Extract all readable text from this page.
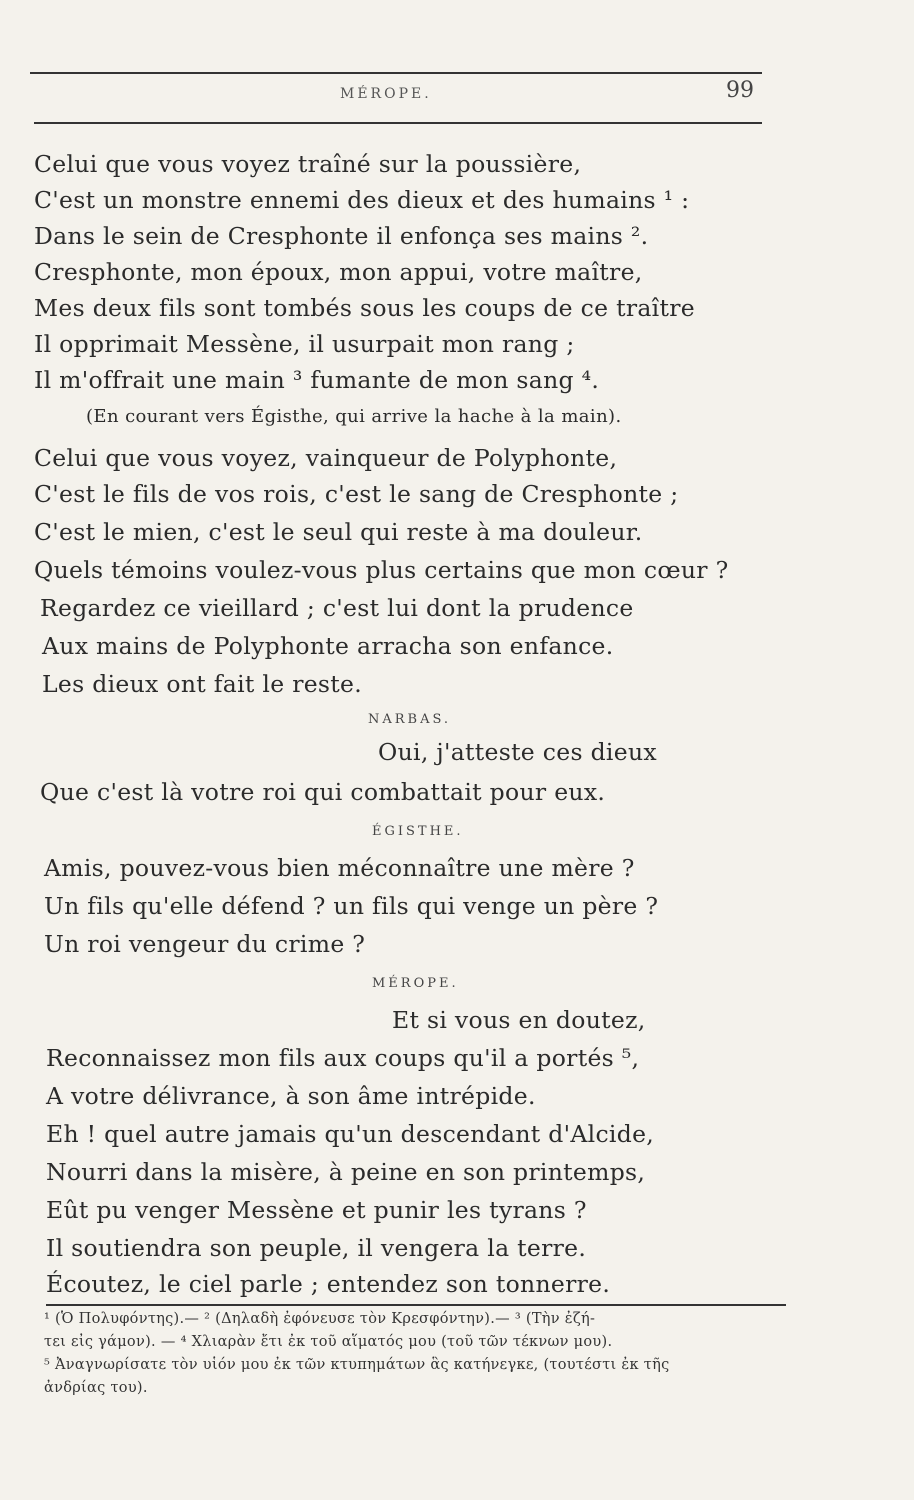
MÉROPE.	99
Celui que vous voyez traîné sur la poussière,
C'est un monstre ennemi des dieux et des humains ¹ :
Dans le sein de Cresphonte il enfonça ses mains ².
Cresphonte, mon époux, mon appui, votre maître,
Mes deux fils sont tombés sous les coups de ce traître
Il opprimait Messène, il usurpait mon rang ;
Il m'offrait une main ³ fumante de mon sang ⁴.
(En courant vers Égisthe, qui arrive la hache à la main).
Celui que vous voyez, vainqueur de Polyphonte,
C'est le fils de vos rois, c'est le sang de Cresphonte ;
C'est le mien, c'est le seul qui reste à ma douleur.
Quels témoins voulez-vous plus certains que mon cœur ?
Regardez ce vieillard ; c'est lui dont la prudence
Aux mains de Polyphonte arracha son enfance.
Les dieux ont fait le reste.
NARBAS.
Oui, j'atteste ces dieux
Que c'est là votre roi qui combattait pour eux.
ÉGISTHE.
Amis, pouvez-vous bien méconnaître une mère ?
Un fils qu'elle défend ? un fils qui venge un père ?
Un roi vengeur du crime ?
MÉROPE.
Et si vous en doutez,
Reconnaissez mon fils aux coups qu'il a portés ⁵,
A votre délivrance, à son âme intrépide.
Eh ! quel autre jamais qu'un descendant d'Alcide,
Nourri dans la misère, à peine en son printemps,
Eût pu venger Messène et punir les tyrans ?
Il soutiendra son peuple, il vengera la terre.
Écoutez, le ciel parle ; entendez son tonnerre.
¹ (Ὁ Πολυφόντης).— ² (Δηλαδὴ ἐφόνευσε τὸν Κρεσφόντην).— ³ (Τὴν ἐζή-
τει εἰς γάμον). — ⁴ Χλιαρὰν ἔτι ἐκ τοῦ αἵματός μου (τοῦ τῶν τέκνων μου).
⁵ Ἀναγνωρίσατε τὸν υἱόν μου ἐκ τῶν κτυπημάτων ἃς κατήνεγκε, (τουτέστι ἐκ τῆς
ἀνδρίας του).
